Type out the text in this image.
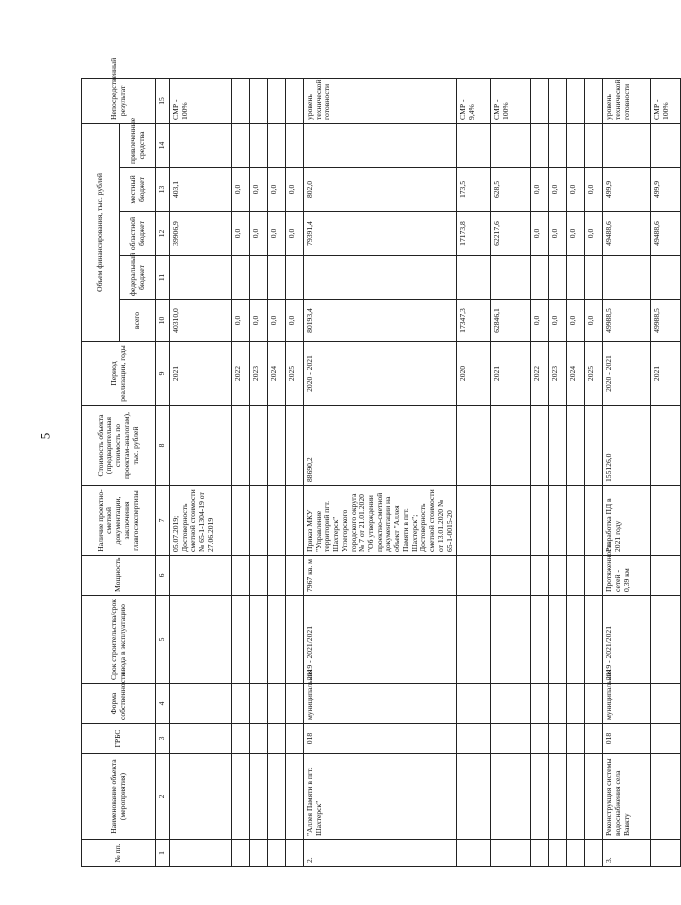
5
№ пп.	Наименование объекта (мероприятия)	ГРБС	Форма собственности	Срок строительства/срок ввода в эксплуатацию	Мощность	Наличие проектно-сметной документации, заключения главгосэкспертизы	Стоимость объекта (предварительная стоимость по проектам-аналогам), тыс. рублей	Период реализации, годы	Объем финансирования, тыс. рублей					Непосредственный результат
									всего	федеральный бюджет	областной бюджет	местный бюджет	привлеченные средства	
1	2	3	4	5	6	7	8	9	10	11	12	13	14	15
						05.07.2019; Достоверность сметной стоимости № 65-1-1304-19 от 27.06.2019		2021	40310,0		39906,9	403,1		СМР - 100%
								2022	0,0		0,0	0,0		
								2023	0,0		0,0	0,0		
								2024	0,0		0,0	0,0		
								2025	0,0		0,0	0,0		
2.	"Аллея Памяти в пгт. Шахтерск"	018	муниципальная	2019 - 2021/2021	7967 кв. м	Приказ МКУ "Управление территорий пгт. Шахтерск" Углегорского городского округа № 7 от 21.01.2020 "Об утверждении проектно-сметной документации на объект "Аллея Памяти в пгт. Шахтерск"; Достоверность сметной стоимости от 13.01.2020 № 65-1-0015-20	88690,2	2020 - 2021	80193,4		79391,4	802,0		уровень технической готовности
								2020	17347,3		17173,8	173,5		СМР - 9,4%
								2021	62846,1		62217,6	628,5		СМР - 100%
								2022	0,0		0,0	0,0		
								2023	0,0		0,0	0,0		
								2024	0,0		0,0	0,0		
								2025	0,0		0,0	0,0		
3.	Реконструкция системы водоснабжения села Вавкту	018	муниципальная	2019 - 2021/2021	Протяженность сетей - 0,39 км	Разработка ПД в 2021 году	155126,0	2020 - 2021	49988,5		49488,6	499,9		уровень технической готовности
								2021	49988,5		49488,6	499,9		СМР - 100%
